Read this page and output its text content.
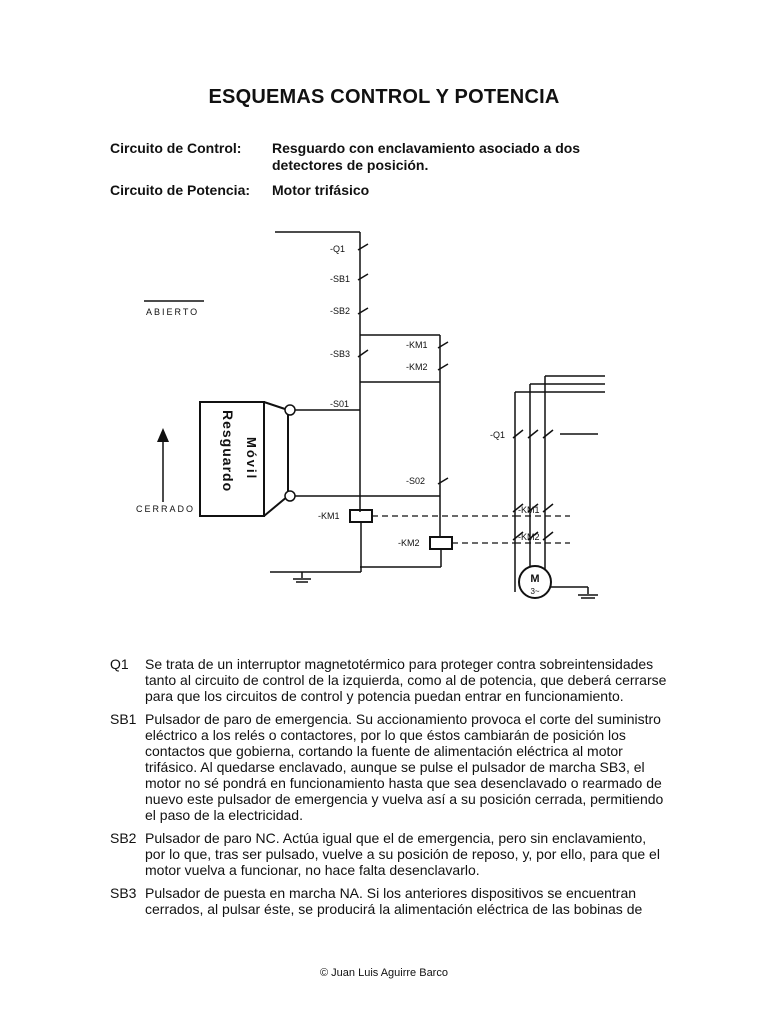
ESQUEMAS CONTROL Y POTENCIA
Circuito de Control: Resguardo con enclavamiento asociado a dos detectores de posición.
Circuito de Potencia: Motor trifásico
-Q1
-SB1
-SB2
-SB3
-KM1
-KM2
-S01
-S02
-KM1
-KM2
-Q1
-KM1
-KM2
ABIERTO
CERRADO
M
3~
Resguardo Móvil
Q1 Se trata de un interruptor magnetotérmico para proteger contra sobreintensidades tanto al circuito de control de la izquierda, como al de potencia, que deberá cerrarse para que los circuitos de control y potencia puedan entrar en funcionamiento.
SB1 Pulsador de paro de emergencia. Su accionamiento provoca el corte del suministro eléctrico a los relés o contactores, por lo que éstos cambiarán de posición los contactos que gobierna, cortando la fuente de alimentación eléctrica al motor trifásico. Al quedarse enclavado, aunque se pulse el pulsador de marcha SB3, el motor no sé pondrá en funcionamiento hasta que sea desenclavado o rearmado de nuevo este pulsador de emergencia y vuelva así a su posición cerrada, permitiendo el paso de la electricidad.
SB2 Pulsador de paro NC. Actúa igual que el de emergencia, pero sin enclavamiento, por lo que, tras ser pulsado, vuelve a su posición de reposo, y, por ello, para que el motor vuelva a funcionar, no hace falta desenclavarlo.
SB3 Pulsador de puesta en marcha NA. Si los anteriores dispositivos se encuentran cerrados, al pulsar éste, se producirá la alimentación eléctrica de las bobinas de
© Juan Luis Aguirre Barco
